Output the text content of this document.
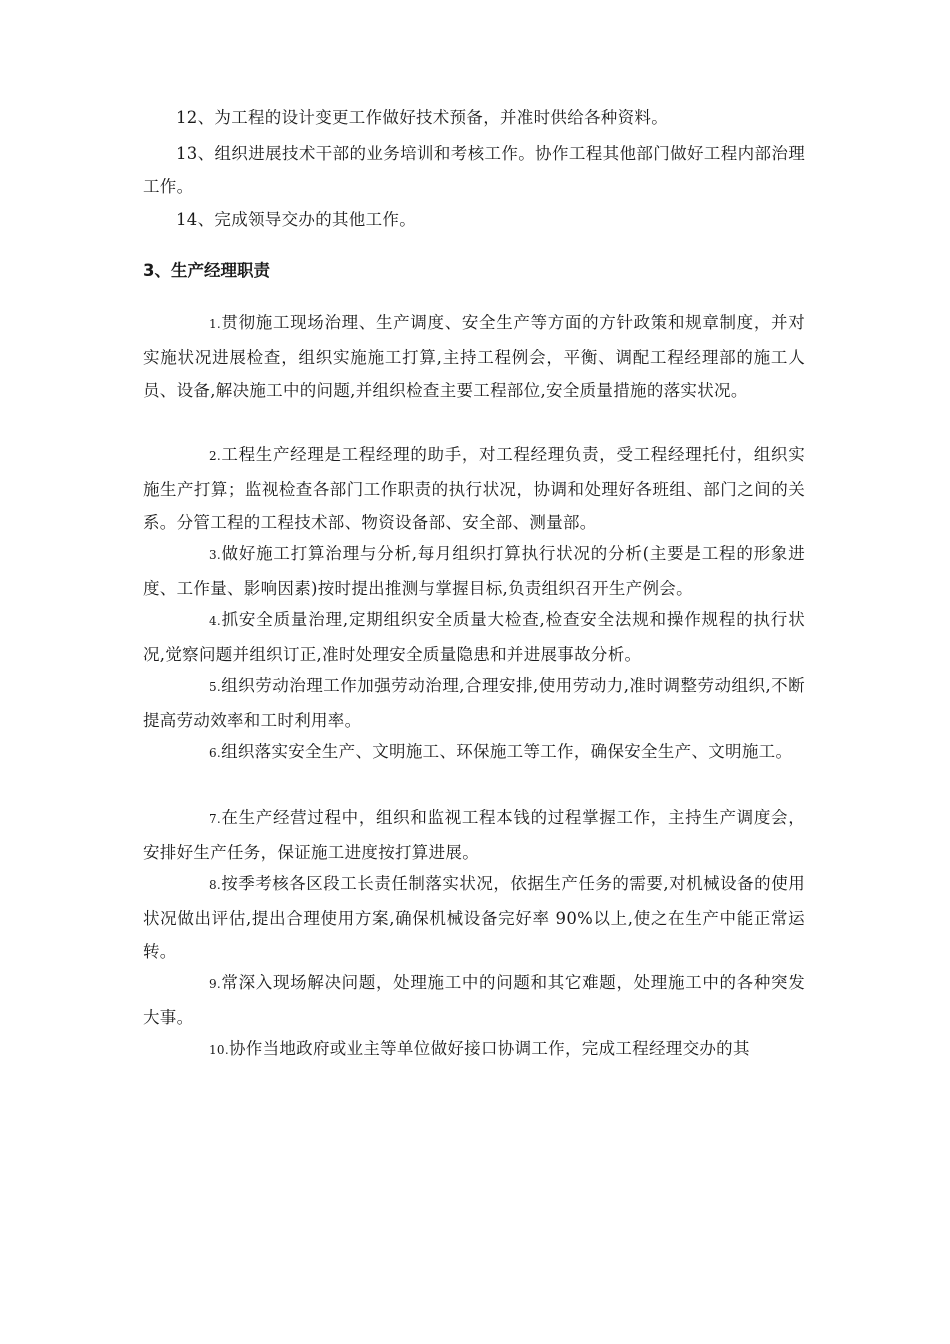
12、为工程的设计变更工作做好技术预备，并准时供给各种资料。

13、组织进展技术干部的业务培训和考核工作。协作工程其他部门做好工程内部治理工作。

14、完成领导交办的其他工作。

3、生产经理职责

1.贯彻施工现场治理、生产调度、安全生产等方面的方针政策和规章制度，并对实施状况进展检查，组织实施施工打算,主持工程例会，平衡、调配工程经理部的施工人员、设备,解决施工中的问题,并组织检查主要工程部位,安全质量措施的落实状况。

2.工程生产经理是工程经理的助手，对工程经理负责，受工程经理托付，组织实施生产打算；监视检查各部门工作职责的执行状况，协调和处理好各班组、部门之间的关系。分管工程的工程技术部、物资设备部、安全部、测量部。

3.做好施工打算治理与分析,每月组织打算执行状况的分析(主要是工程的形象进度、工作量、影响因素)按时提出推测与掌握目标,负责组织召开生产例会。

4.抓安全质量治理,定期组织安全质量大检查,检查安全法规和操作规程的执行状况,觉察问题并组织订正,准时处理安全质量隐患和并进展事故分析。

5.组织劳动治理工作加强劳动治理,合理安排,使用劳动力,准时调整劳动组织,不断提高劳动效率和工时利用率。

6.组织落实安全生产、文明施工、环保施工等工作，确保安全生产、文明施工。

7.在生产经营过程中，组织和监视工程本钱的过程掌握工作，主持生产调度会，安排好生产任务，保证施工进度按打算进展。

8.按季考核各区段工长责任制落实状况，依据生产任务的需要,对机械设备的使用状况做出评估,提出合理使用方案,确保机械设备完好率 90%以上,使之在生产中能正常运转。

9.常深入现场解决问题，处理施工中的问题和其它难题，处理施工中的各种突发大事。

10.协作当地政府或业主等单位做好接口协调工作，完成工程经理交办的其
